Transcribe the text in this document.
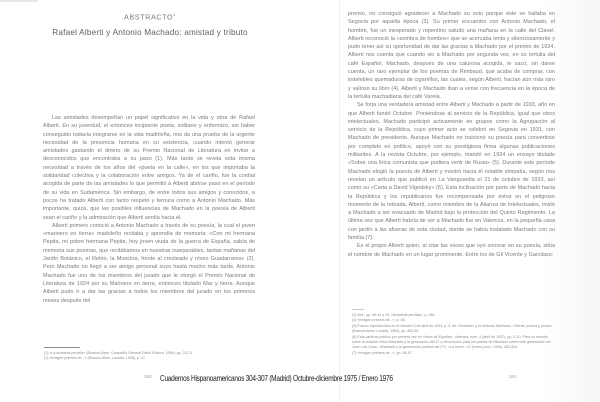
ABSTRACTO$^1$
Rafael Alberti y Antonio Machado: amistad y tributo

Las amistades desempeñan un papel significativo en la vida y obra de Rafael Alberti. En su juventud, el entonces incipiente poeta, solitario y enfermizo, sin haber conseguido todavía integrarse en la vida madrileña, nos da una prueba de la urgente necesidad de la presencia humana en su existencia, cuando intentó generar amistades gastando el dinero de su Premio Nacional de Literatura en invitar a desconocidos que encontraba a su paso (1). Más tarde se revela esta misma necesidad a través de los años del «poeta en la calle», en los que importaba la solidaridad colectiva y la colaboración entre amigos. Ya de el cariño, fue la cordial acogida de parte de las amistades lo que permitió a Alberti abrirse paso en el período de su vida en Sudamérica. Sin embargo, de entre todos sus amigos y conocidos, a pocos ha tratado Alberti con tanto respeto y ternura como a Antonio Machado. Más importante, quizá, que las posibles influencias de Machado en la poesía de Alberti sean el cariño y la admiración que Alberti sentía hacia él.

Alberti primero conoció a Antonio Machado a través de su poesía, la cual el joven «marinero en tierra» madrileño recitaba y aprendía de memoria: «Con mi hermana Pepita, mi pobre hermana Pepita, hoy joven viuda de la guerra de España, sabía de memoria sus poemas, que recitábamos en nuestras inseparables, tantas mañanas del Jardín Botánico, el Retiro, la Moncloa, frente al cresteado y níveo Guadarrama» (2). Pero Machado no llegó a ser amigo personal suyo hasta mucho más tarde. Antonio Machado fue uno de los miembros del jurado que le otorgó el Premio Nacional de Literatura de 1924 por su Marinero en tierra, entonces titulado Mar y tierra. Aunque Alberti pudo ir a dar las gracias a todos los miembros del jurado en los primeros meses después del

(1) «La arboleda perdida» (Buenos Aires: Compañía General Fabril Editora, 1959), pp. 212-3.
(2) «Imagen primera de...» (Buenos Aires: Losada, 1945), p. 47.
340

premio, no consiguió agradecer a Machado su voto porque éste se hallaba en Segovia por aquella época (3). Su primer encuentro con Antonio Machado, el hombre, fue un inesperado y repentino saludo una mañana en la calle del Clavel. Alberti reconoció la «sombra de hombre» que se acercaba lenta y silenciosamente y pudo tener así su oportunidad de dar las gracias a Machado por el premio de 1924. Alberti nos cuenta que cuando vio a Machado por segunda vez, en su tertulia del café Español, Machado, después de una calurosa acogida, le sacó, sin darse cuenta, un raro ejemplar de los poemas de Rimbaud, que acaba de comprar, con indelebles quemaduras de cigarrillos, las cuales, según Alberti, hacían aún más raro y valioso su libro (4). Alberti y Machado iban a verse con frecuencia en la época de la tertulia machadiana del café Varela.

Se forja una verdadera amistad entre Alberti y Machado a partir de 1933, año en que Alberti fundó Octubre. Poniéndose al servicio de la República, igual que otros intelectuales, Machado participó activamente en grupos como la Agrupación al servicio de la República, cuyo primer acto se celebró en Segovia en 1931, con Machado de presidente. Aunque Machado no traicionó su poesía para convertirse por completo en político, apoyó con su prestigiosa firma algunas publicaciones militantes. A la revista Octubre, por ejemplo, mandó en 1934 un ensayo titulado «Sobre una lírica comunista que pudiera venir de Rusia» (5). Durante este período Machado elogió la poesía de Alberti y mostró hacia él notable simpatía, según nos revelan un artículo que publicó en La Vanguardia el 21 de octubre de 1933, así como su «Carta a David Vigodsky» (6). Esta inclinación por parte de Machado hacia la República y los republicanos fue recompensada por éstos en el peligroso momento de la retirada. Alberti, como miembro de la Alianza de Intelectuales, invitó a Machado a ser evacuado de Madrid bajo la protección del Quinto Regimiento. La última vez que Alberti habría de ver a Machado fue en Valencia, en la pequeña casa con jardín a las afueras de esta ciudad, donde se había instalado Machado con su familia (7).

Es el propio Alberti quien, al citar las voces que oyó sonorar en su poesía, sitúa el nombre de Machado en un lugar prominente. Entre los de Gil Vicente y Garcilaso:

(3) Ibid., pp. 40-41 y 43: «Arboleda perdida», p. 264.
(4) «Imagen primera de...», p. 48.
(5) Fueron reproducidos en el número 5 de abril de 1934, p. 6, de «Octubre» y en Antonio Machado, «Obras: poesía y prosa» (Buenos Aires: Losada, 1964), pp. 852-61.
(6) Esta carta se publicó por primera vez en «Hora de España», Valencia, núm. 4 (abril de 1937), pp. 5-10. Para un estudio sobre la relación entre Machado y la generación del 27 y otros textos para los poetas de Machado sobre este generación ver José Luis Cano, «Machado y la generación poética del 27», «La torre», 12 (enero-junio, 1964), 483-504.
(7) «Imagen primera de...», pp. 56-57.
341
Cuadernos Hispanoamericanos 304-307 (Madrid) Octubre-diciembre 1975 / Enero 1976
